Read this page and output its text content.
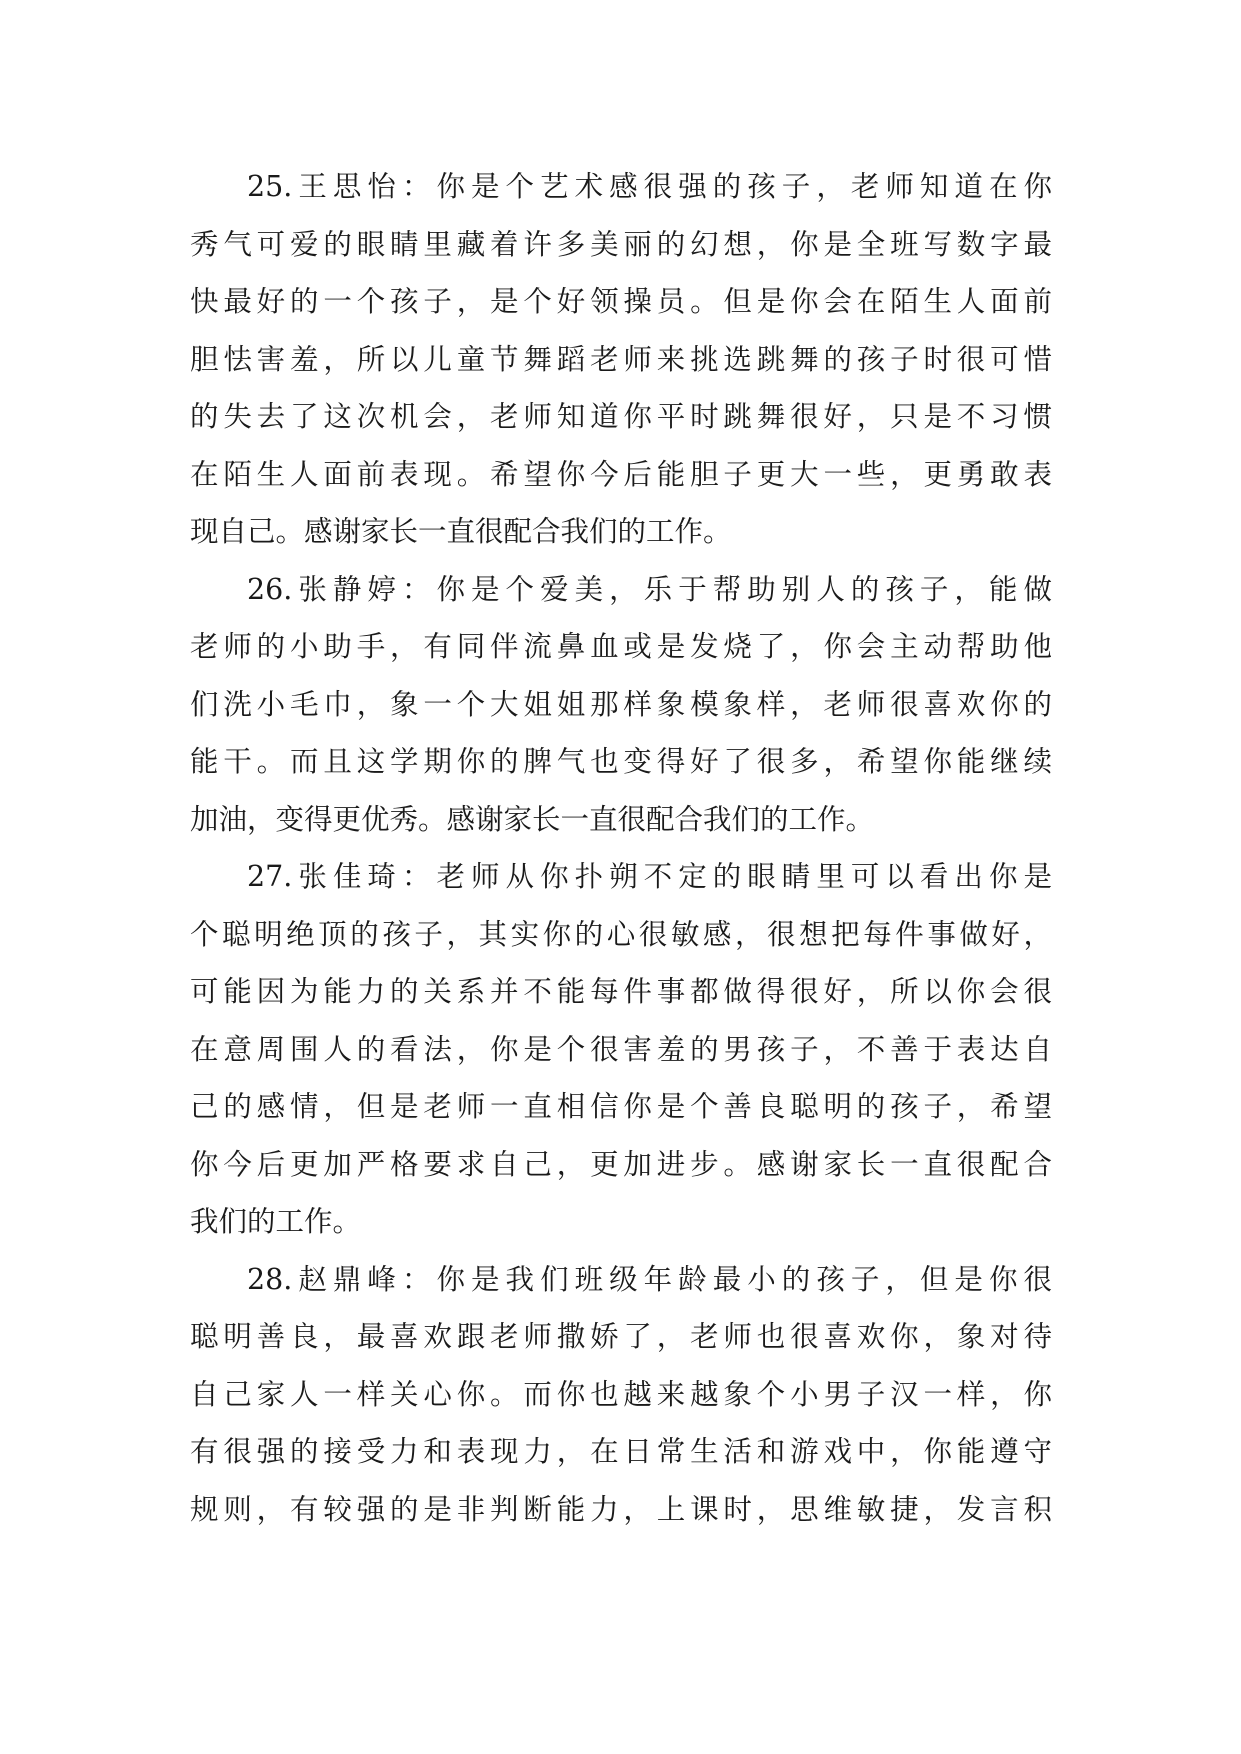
25.王思怡：你是个艺术感很强的孩子，老师知道在你
秀气可爱的眼睛里藏着许多美丽的幻想，你是全班写数字最
快最好的一个孩子，是个好领操员。但是你会在陌生人面前
胆怯害羞，所以儿童节舞蹈老师来挑选跳舞的孩子时很可惜
的失去了这次机会，老师知道你平时跳舞很好，只是不习惯
在陌生人面前表现。希望你今后能胆子更大一些，更勇敢表
现自己。感谢家长一直很配合我们的工作。
26.张静婷：你是个爱美，乐于帮助别人的孩子，能做
老师的小助手，有同伴流鼻血或是发烧了，你会主动帮助他
们洗小毛巾，象一个大姐姐那样象模象样，老师很喜欢你的
能干。而且这学期你的脾气也变得好了很多，希望你能继续
加油，变得更优秀。感谢家长一直很配合我们的工作。
27.张佳琦：老师从你扑朔不定的眼睛里可以看出你是
个聪明绝顶的孩子，其实你的心很敏感，很想把每件事做好，
可能因为能力的关系并不能每件事都做得很好，所以你会很
在意周围人的看法，你是个很害羞的男孩子，不善于表达自
己的感情，但是老师一直相信你是个善良聪明的孩子，希望
你今后更加严格要求自己，更加进步。感谢家长一直很配合
我们的工作。
28.赵鼎峰：你是我们班级年龄最小的孩子，但是你很
聪明善良，最喜欢跟老师撒娇了，老师也很喜欢你，象对待
自己家人一样关心你。而你也越来越象个小男子汉一样，你
有很强的接受力和表现力，在日常生活和游戏中，你能遵守
规则，有较强的是非判断能力，上课时，思维敏捷，发言积
